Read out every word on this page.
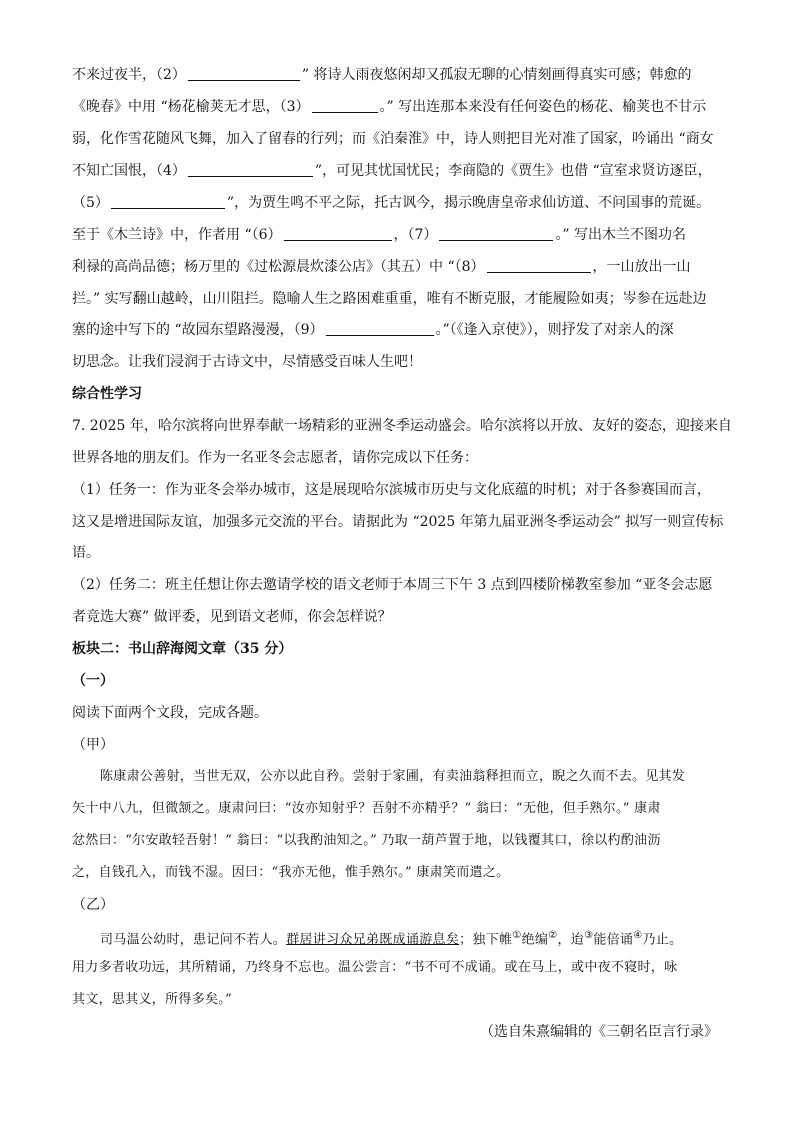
不来过夜半，（2）	” 将诗人雨夜悠闲却又孤寂无聊的心情刻画得真实可感；韩愈的
《晚春》中用 “杨花榆荚无才思，（3）	。” 写出连那本来没有任何姿色的杨花、榆荚也不甘示
弱，化作雪花随风飞舞，加入了留春的行列；而《泊秦淮》中，诗人则把目光对准了国家，吟诵出 “商女
不知亡国恨，（4）	”，可见其忧国忧民；李商隐的《贾生》也借 “宣室求贤访逐臣，
（5）	”，为贾生鸣不平之际，托古讽今，揭示晚唐皇帝求仙访道、不问国事的荒诞。
至于《木兰诗》中，作者用 “（6）	，（7）	。” 写出木兰不图功名
利禄的高尚品德；杨万里的《过松源晨炊漆公店》（其五）中 “（8）	，一山放出一山
拦。” 实写翻山越岭，山川阻拦。隐喻人生之路困难重重，唯有不断克服，才能履险如夷；岑参在远赴边
塞的途中写下的 “故园东望路漫漫，（9）	。”（《逢入京使》），则抒发了对亲人的深
切思念。让我们浸润于古诗文中，尽情感受百味人生吧！
综合性学习
7. 2025 年，哈尔滨将向世界奉献一场精彩的亚洲冬季运动盛会。哈尔滨将以开放、友好的姿态，迎接来自
世界各地的朋友们。作为一名亚冬会志愿者，请你完成以下任务：
（1）任务一：作为亚冬会举办城市，这是展现哈尔滨城市历史与文化底蕴的时机；对于各参赛国而言，
这又是增进国际友谊，加强多元交流的平台。请据此为 “2025 年第九届亚洲冬季运动会” 拟写一则宣传标
语。
（2）任务二：班主任想让你去邀请学校的语文老师于本周三下午 3 点到四楼阶梯教室参加 “亚冬会志愿
者竞选大赛” 做评委，见到语文老师，你会怎样说？
板块二：书山辞海阅文章（35 分）
（一）
阅读下面两个文段，完成各题。
（甲）
陈康肃公善射，当世无双，公亦以此自矜。尝射于家圃，有卖油翁释担而立，睨之久而不去。见其发
矢十中八九，但微颔之。康肃问曰：“汝亦知射乎？吾射不亦精乎？” 翁曰：“无他，但手熟尔。” 康肃
忿然曰：“尔安敢轻吾射！” 翁曰：“以我酌油知之。” 乃取一葫芦置于地，以钱覆其口，徐以杓酌油沥
之，自钱孔入，而钱不湿。因曰：“我亦无他，惟手熟尔。” 康肃笑而遣之。
（乙）
司马温公幼时，患记问不若人。群居讲习众兄弟既成诵游息矣；独下帷①绝编②，迨③能倍诵④乃止。
用力多者收功远，其所精诵，乃终身不忘也。温公尝言：“书不可不成诵。或在马上，或中夜不寝时，咏
其文，思其义，所得多矣。”
（选自朱熹编辑的《三朝名臣言行录》
